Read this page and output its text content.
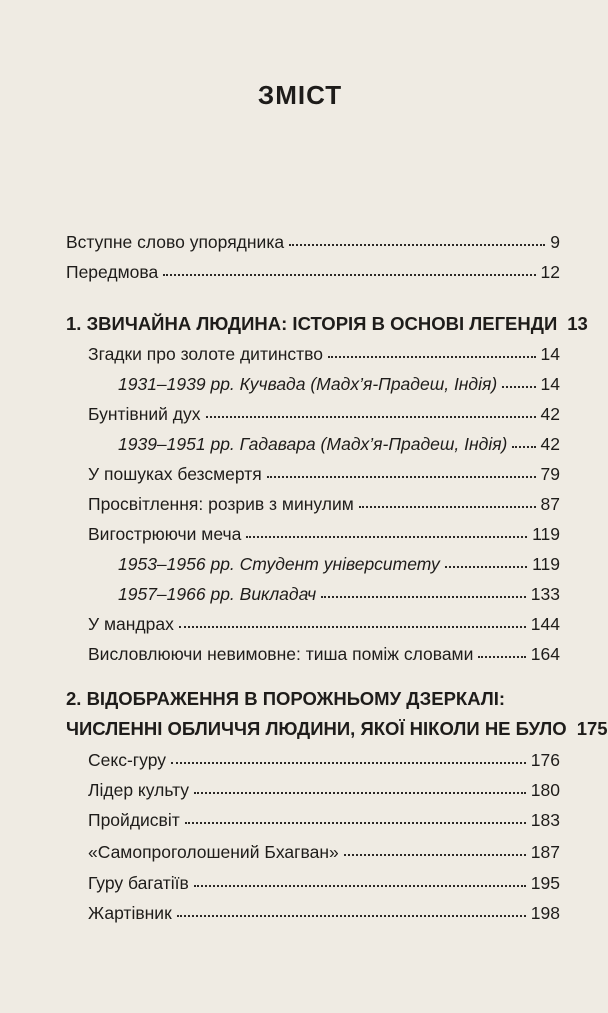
ЗМІСТ
Вступне слово упорядника	9
Передмова	12
1. ЗВИЧАЙНА ЛЮДИНА: ІСТОРІЯ В ОСНОВІ ЛЕГЕНДИ 13
Згадки про золоте дитинство	14
1931–1939 рр. Кучвада (Мадх’я-Прадеш, Індія) 14
Бунтівний дух	42
1939–1951 рр. Гадавара (Мадх’я-Прадеш, Індія) 42
У пошуках безсмертя	79
Просвітлення: розрив з минулим	87
Вигострюючи меча	119
1953–1956 рр. Студент університету	119
1957–1966 рр. Викладач	133
У мандрах	144
Висловлюючи невимовне: тиша поміж словами	164
2. ВІДОБРАЖЕННЯ В ПОРОЖНЬОМУ ДЗЕРКАЛІ:
ЧИСЛЕННІ ОБЛИЧЧЯ ЛЮДИНИ, ЯКОЇ НІКОЛИ НЕ БУЛО 175
Секс-гуру	176
Лідер культу	180
Пройдисвіт	183
«Самопроголошений Бхагван»	187
Гуру багатіїв	195
Жартівник	198
